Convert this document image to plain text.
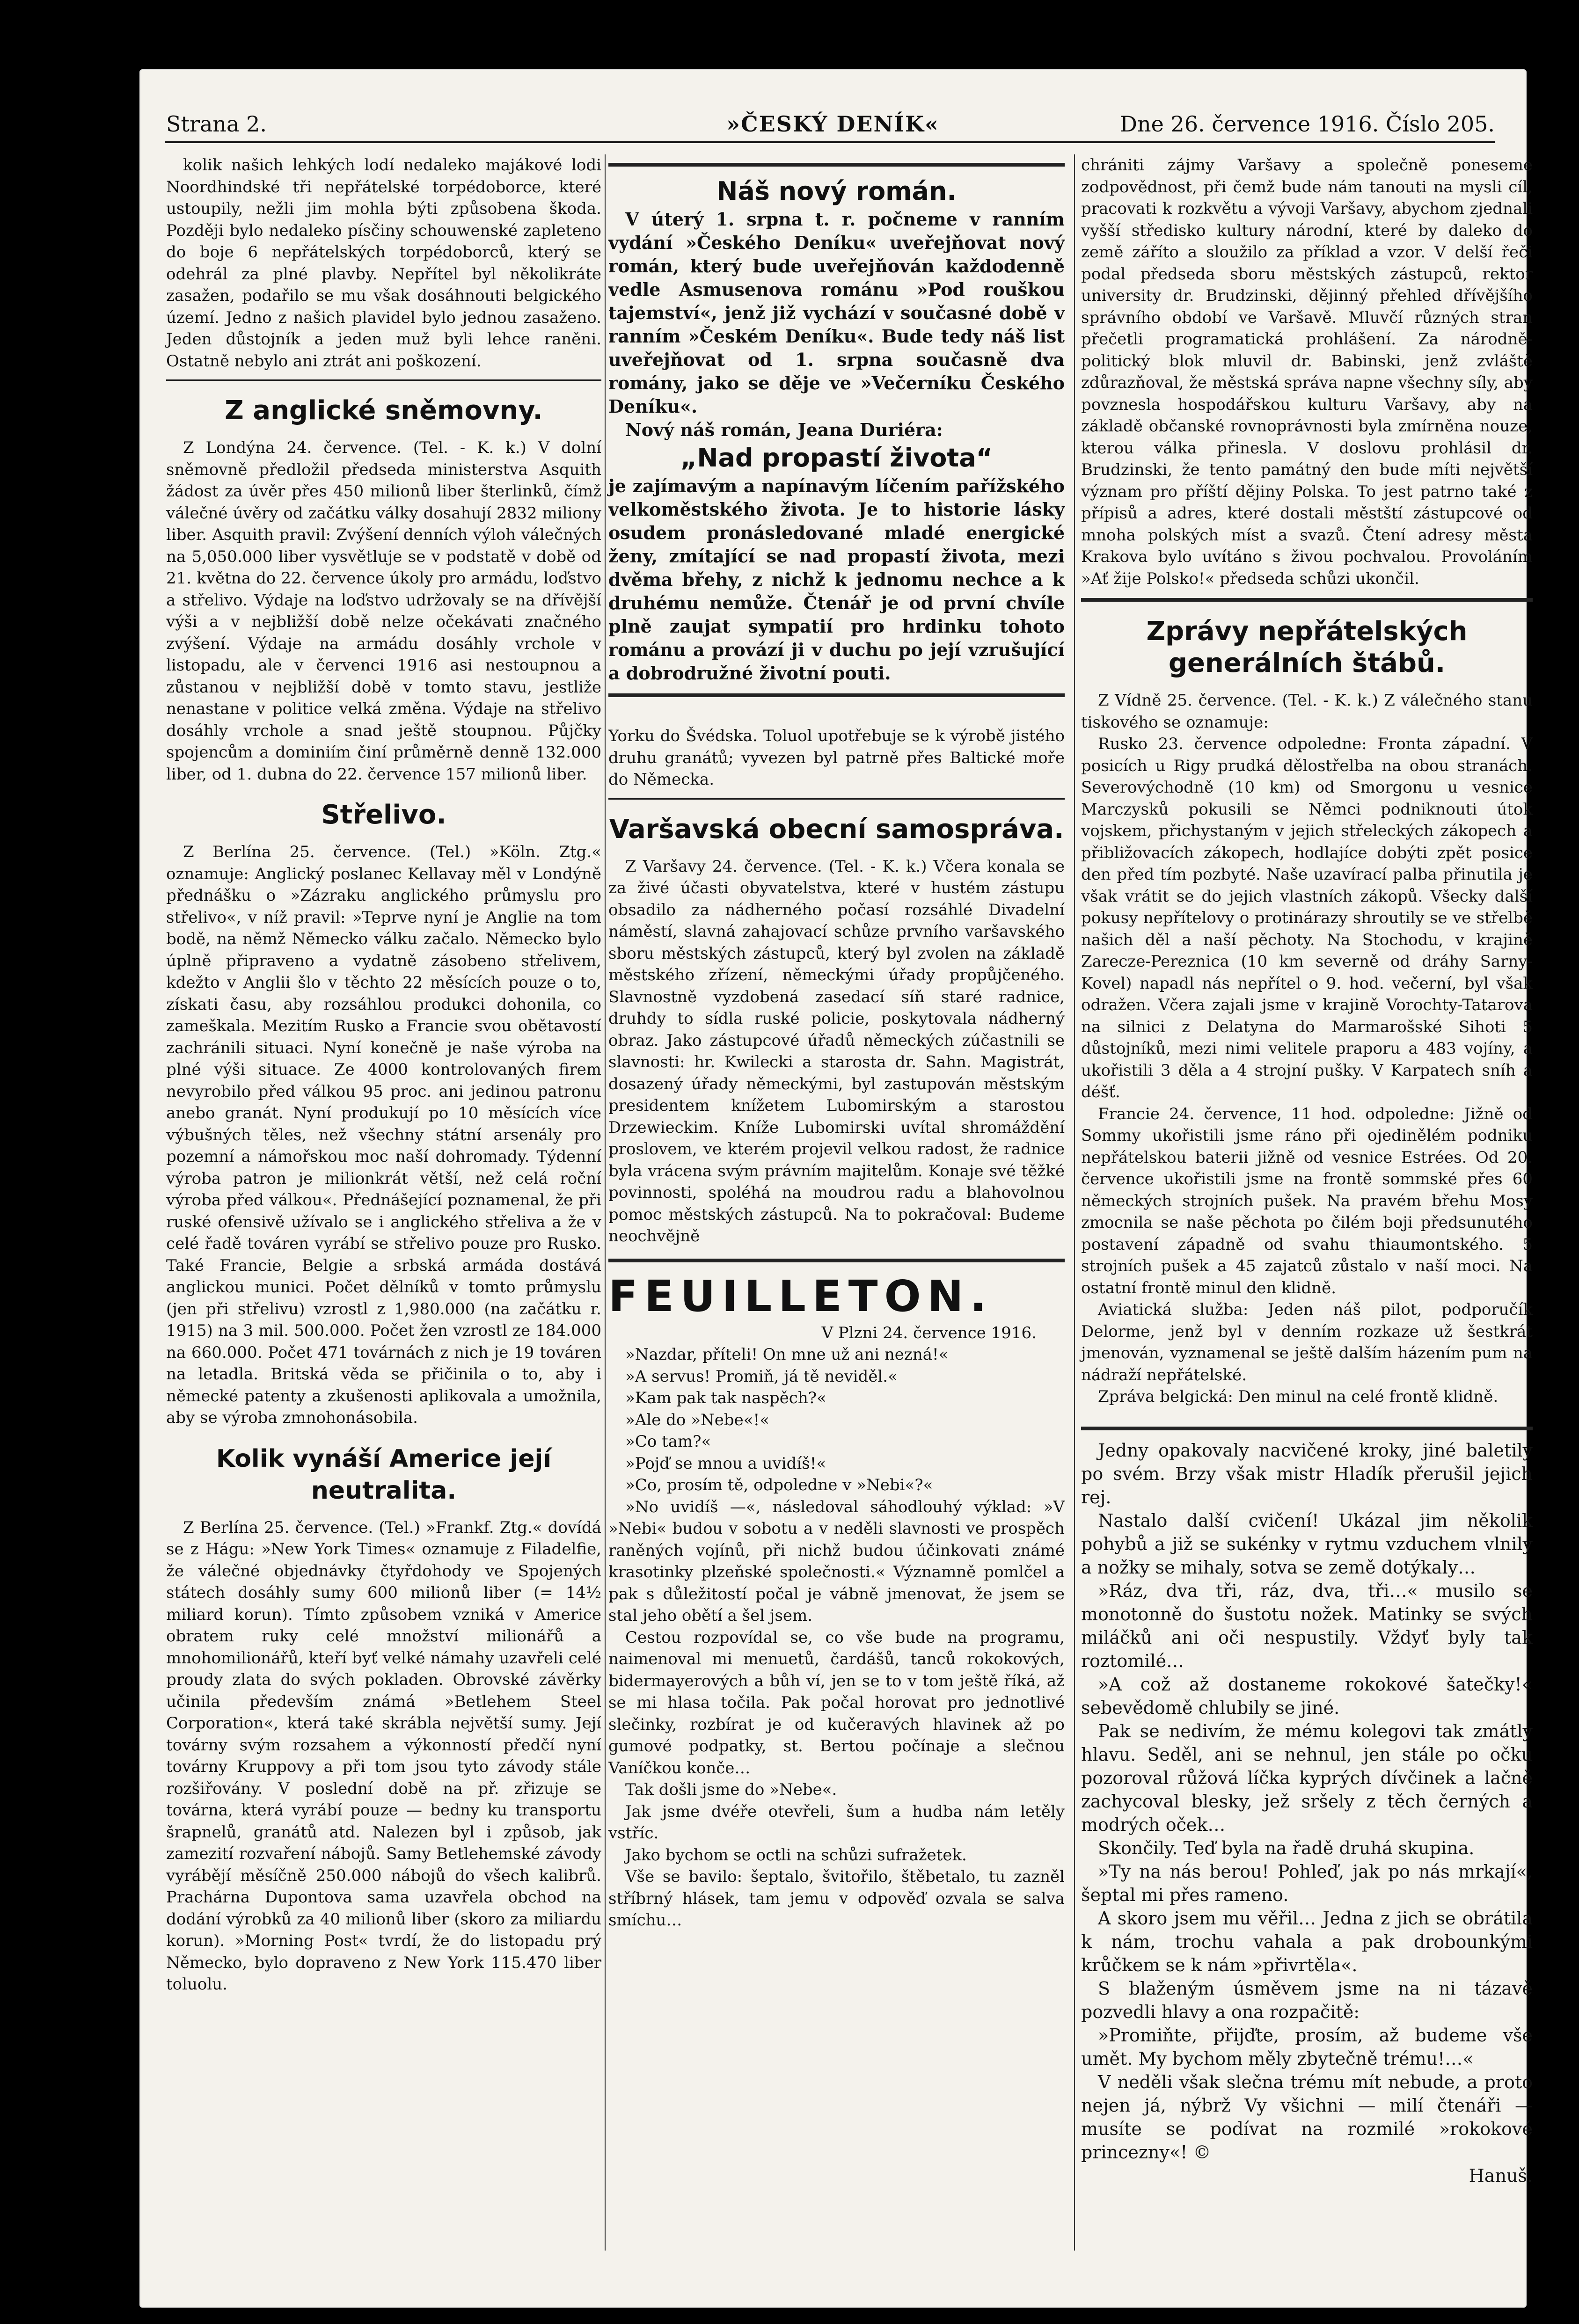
Strana 2.	»ČESKÝ DENÍK«	Dne 26. července 1916. Číslo 205.

kolik našich lehkých lodí nedaleko majákové lodi Noordhindské tři nepřátelské torpédoborce, které ustoupily, nežli jim mohla býti způsobena škoda. Později bylo nedaleko písčiny schouwenské zapleteno do boje 6 nepřátelských torpédoborců, který se odehrál za plné plavby. Nepřítel byl několikráte zasažen, podařilo se mu však dosáhnouti belgického území. Jedno z našich plavidel bylo jednou zasaženo. Jeden důstojník a jeden muž byli lehce raněni. Ostatně nebylo ani ztrát ani poškození.

Z anglické sněmovny.

Z Londýna 24. července. (Tel. - K. k.) V dolní sněmovně předložil předseda ministerstva Asquith žádost za úvěr přes 450 milionů liber šterlinků, čímž válečné úvěry od začátku války dosahují 2832 miliony liber. Asquith pravil: Zvýšení denních výloh válečných na 5,050.000 liber vysvětluje se v podstatě v době od 21. května do 22. července úkoly pro armádu, loďstvo a střelivo. Výdaje na loďstvo udržovaly se na dřívější výši a v nejbližší době nelze očekávati značného zvýšení. Výdaje na armádu dosáhly vrchole v listopadu, ale v červenci 1916 asi nestoupnou a zůstanou v nejbližší době v tomto stavu, jestliže nenastane v politice velká změna. Výdaje na střelivo dosáhly vrchole a snad ještě stoupnou. Půjčky spojencům a dominiím činí průměrně denně 132.000 liber, od 1. dubna do 22. července 157 milionů liber.

Střelivo.

Z Berlína 25. července. (Tel.) »Köln. Ztg.« oznamuje: Anglický poslanec Kellavay měl v Londýně přednášku o »Zázraku anglického průmyslu pro střelivo«, v níž pravil: »Teprve nyní je Anglie na tom bodě, na němž Německo válku začalo. Německo bylo úplně připraveno a vydatně zásobeno střelivem, kdežto v Anglii šlo v těchto 22 měsících pouze o to, získati času, aby rozsáhlou produkci dohonila, co zameškala. Mezitím Rusko a Francie svou obětavostí zachránili situaci. Nyní konečně je naše výroba na plné výši situace. Ze 4000 kontrolovaných firem nevyrobilo před válkou 95 proc. ani jedinou patronu anebo granát. Nyní produkují po 10 měsících více výbušných těles, než všechny státní arsenály pro pozemní a námořskou moc naší dohromady. Týdenní výroba patron je milionkrát větší, než celá roční výroba před válkou«. Přednášející poznamenal, že při ruské ofensivě užívalo se i anglického střeliva a že v celé řadě továren vyrábí se střelivo pouze pro Rusko. Také Francie, Belgie a srbská armáda dostává anglickou munici. Počet dělníků v tomto průmyslu (jen při střelivu) vzrostl z 1,980.000 (na začátku r. 1915) na 3 mil. 500.000. Počet žen vzrostl ze 184.000 na 660.000. Počet 471 továrnách z nich je 19 továren na letadla. Britská věda se přičinila o to, aby i německé patenty a zkušenosti aplikovala a umožnila, aby se výroba zmnohonásobila.

Kolik vynáší Americe její neutralita.

Z Berlína 25. července. (Tel.) »Frankf. Ztg.« dovídá se z Hágu: »New York Times« oznamuje z Filadelfie, že válečné objednávky čtyřdohody ve Spojených státech dosáhly sumy 600 milionů liber (= 14½ miliard korun). Tímto způsobem vzniká v Americe obratem ruky celé množství milionářů a mnohomilionářů, kteří byť velké námahy uzavřeli celé proudy zlata do svých pokladen. Obrovské závěrky učinila především známá »Betlehem Steel Corporation«, která také skrábla největší sumy. Její továrny svým rozsahem a výkonností předčí nyní továrny Kruppovy a při tom jsou tyto závody stále rozšiřovány. V poslední době na př. zřizuje se továrna, která vyrábí pouze — bedny ku transportu šrapnelů, granátů atd. Nalezen byl i způsob, jak zamezití rozvaření nábojů. Samy Betlehemské závody vyrábějí měsíčně 250.000 nábojů do všech kalibrů. Prachárna Dupontova sama uzavřela obchod na dodání výrobků za 40 milionů liber (skoro za miliardu korun). »Morning Post« tvrdí, že do listopadu prý Německo, bylo dopraveno z New York 115.470 liber toluolu.

Náš nový román.

V úterý 1. srpna t. r. počneme v ranním vydání »Českého Deníku« uveřejňovat nový román, který bude uveřejňován každodenně vedle Asmusenova románu »Pod rouškou tajemství«, jenž již vychází v současné době v ranním »Českém Deníku«. Bude tedy náš list uveřejňovat od 1. srpna současně dva romány, jako se děje ve »Večerníku Českého Deníku«.

Nový náš román, Jeana Duriéra:

„Nad propastí života“

je zajímavým a napínavým líčením pařížského velkoměstského života. Je to historie lásky osudem pronásledované mladé energické ženy, zmítající se nad propastí života, mezi dvěma břehy, z nichž k jednomu nechce a k druhému nemůže. Čtenář je od první chvíle plně zaujat sympatií pro hrdinku tohoto románu a provází ji v duchu po její vzrušující a dobrodružné životní pouti.

Yorku do Švédska. Toluol upotřebuje se k výrobě jistého druhu granátů; vyvezen byl patrně přes Baltické moře do Německa.

Varšavská obecní samospráva.

Z Varšavy 24. července. (Tel. - K. k.) Včera konala se za živé účasti obyvatelstva, které v hustém zástupu obsadilo za nádherného počasí rozsáhlé Divadelní náměstí, slavná zahajovací schůze prvního varšavského sboru městských zástupců, který byl zvolen na základě městského zřízení, německými úřady propůjčeného. Slavnostně vyzdobená zasedací síň staré radnice, druhdy to sídla ruské policie, poskytovala nádherný obraz. Jako zástupcové úřadů německých zúčastnili se slavnosti: hr. Kwilecki a starosta dr. Sahn. Magistrát, dosazený úřady německými, byl zastupován městským presidentem knížetem Lubomirským a starostou Drzewieckim. Kníže Lubomirski uvítal shromáždění proslovem, ve kterém projevil velkou radost, že radnice byla vrácena svým právním majitelům. Konaje své těžké povinnosti, spoléhá na moudrou radu a blahovolnou pomoc městských zástupců. Na to pokračoval: Budeme neochvějně

FEUILLETON.

V Plzni 24. července 1916.

»Nazdar, příteli! On mne už ani nezná!«

»A servus! Promiň, já tě neviděl.«

»Kam pak tak naspěch?«

»Ale do »Nebe«!«

»Co tam?«

»Pojď se mnou a uvidíš!«

»Co, prosím tě, odpoledne v »Nebi«?«

»No uvidíš —«, následoval sáhodlouhý výklad: »V »Nebi« budou v sobotu a v neděli slavnosti ve prospěch raněných vojínů, při nichž budou účinkovati známé krasotinky plzeňské společnosti.« Významně pomlčel a pak s důležitostí počal je vábně jmenovat, že jsem se stal jeho obětí a šel jsem.

Cestou rozpovídal se, co vše bude na programu, naimenoval mi menuetů, čardášů, tanců rokokových, bidermayerových a bůh ví, jen se to v tom ještě říká, až se mi hlasa točila. Pak počal horovat pro jednotlivé slečinky, rozbírat je od kučeravých hlavinek až po gumové podpatky, st. Bertou počínaje a slečnou Vaníčkou konče…

Tak došli jsme do »Nebe«.

Jak jsme dvéře otevřeli, šum a hudba nám letěly vstříc.

Jako bychom se octli na schůzi sufražetek.

Vše se bavilo: šeptalo, švitořilo, štěbetalo, tu zazněl stříbrný hlásek, tam jemu v odpověď ozvala se salva smíchu…

chrániti zájmy Varšavy a společně poneseme zodpovědnost, při čemž bude nám tanouti na mysli cíl, pracovati k rozkvětu a vývoji Varšavy, abychom zjednali vyšší středisko kultury národní, které by daleko do země záříto a sloužilo za příklad a vzor. V delší řeči podal předseda sboru městských zástupců, rektor university dr. Brudzinski, dějinný přehled dřívějšího správního období ve Varšavě. Mluvčí různých stran přečetli programatická prohlášení. Za národně-politický blok mluvil dr. Babinski, jenž zvláště zdůrazňoval, že městská správa napne všechny síly, aby povznesla hospodářskou kulturu Varšavy, aby na základě občanské rovnoprávnosti byla zmírněna nouze, kterou válka přinesla. V doslovu prohlásil dr. Brudzinski, že tento památný den bude míti největší význam pro příští dějiny Polska. To jest patrno také z přípisů a adres, které dostali městští zástupcové od mnoha polských míst a svazů. Čtení adresy města Krakova bylo uvítáno s živou pochvalou. Provoláním »Ať žije Polsko!« předseda schůzi ukončil.

Zprávy nepřátelských generálních štábů.

Z Vídně 25. července. (Tel. - K. k.) Z válečného stanu tiskového se oznamuje:

Rusko 23. července odpoledne: Fronta západní. V posicích u Rigy prudká dělostřelba na obou stranách. Severovýchodně (10 km) od Smorgonu u vesnice Marczysků pokusili se Němci podniknouti útok vojskem, přichystaným v jejich střeleckých zákopech a přibližovacích zákopech, hodlajíce dobýti zpět posice den před tím pozbyté. Naše uzavírací palba přinutila je však vrátit se do jejich vlastních zákopů. Všecky další pokusy nepřítelovy o protinárazy shroutily se ve střelbě našich děl a naší pěchoty. Na Stochodu, v krajině Zarecze-Pereznica (10 km severně od dráhy Sarny-Kovel) napadl nás nepřítel o 9. hod. večerní, byl však odražen. Včera zajali jsme v krajině Vorochty-Tatarova na silnici z Delatyna do Marmarošské Sihoti 5 důstojníků, mezi nimi velitele praporu a 483 vojíny, a ukořistili 3 děla a 4 strojní pušky. V Karpatech sníh a déšť.

Francie 24. července, 11 hod. odpoledne: Jižně od Sommy ukořistili jsme ráno při ojedinělém podniku nepřátelskou baterii jižně od vesnice Estrées. Od 20. července ukořistili jsme na frontě sommské přes 60 německých strojních pušek. Na pravém břehu Mosy zmocnila se naše pěchota po čilém boji předsunutého postavení západně od svahu thiaumontského. 5 strojních pušek a 45 zajatců zůstalo v naší moci. Na ostatní frontě minul den klidně.

Aviatická služba: Jeden náš pilot, podporučík Delorme, jenž byl v denním rozkaze už šestkrát jmenován, vyznamenal se ještě dalším házením pum na nádraží nepřátelské.

Zpráva belgická: Den minul na celé frontě klidně.

Jedny opakovaly nacvičené kroky, jiné baletily po svém. Brzy však mistr Hladík přerušil jejich rej.

Nastalo další cvičení! Ukázal jim několik pohybů a již se sukénky v rytmu vzduchem vlnily a nožky se mihaly, sotva se země dotýkaly…

»Ráz, dva tři, ráz, dva, tři…« musilo se monotonně do šustotu nožek. Matinky se svých miláčků ani oči nespustily. Vždyť byly tak roztomilé…

»A což až dostaneme rokokové šatečky!« sebevědomě chlubily se jiné.

Pak se nedivím, že mému kolegovi tak zmátly hlavu. Seděl, ani se nehnul, jen stále po očku pozoroval růžová líčka kyprých dívčinek a lačně zachycoval blesky, jež sršely z těch černých a modrých oček…

Skončily. Teď byla na řadě druhá skupina.

»Ty na nás berou! Pohleď, jak po nás mrkají«, šeptal mi přes rameno.

A skoro jsem mu věřil… Jedna z jich se obrátila k nám, trochu vahala a pak drobounkými krůčkem se k nám »přivrtěla«.

S blaženým úsměvem jsme na ni tázavě pozvedli hlavy a ona rozpačitě:

»Promiňte, přijďte, prosím, až budeme vše umět. My bychom měly zbytečně trému!…«

V neděli však slečna trému mít nebude, a proto nejen já, nýbrž Vy všichni — milí čtenáři — musíte se podívat na rozmilé »rokokové princezny«! ©

Hanuš.
